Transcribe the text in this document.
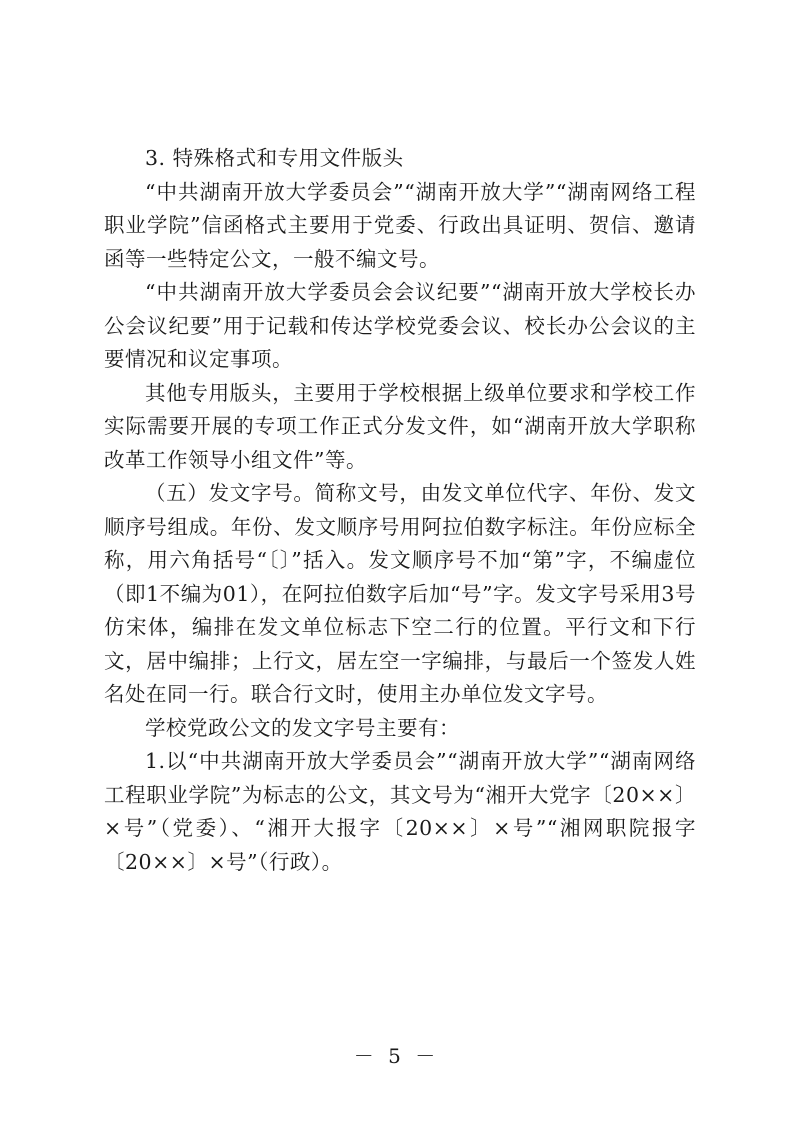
3. 特殊格式和专用文件版头

“中共湖南开放大学委员会”“湖南开放大学”“湖南网络工程职业学院”信函格式主要用于党委、行政出具证明、贺信、邀请函等一些特定公文，一般不编文号。

“中共湖南开放大学委员会会议纪要”“湖南开放大学校长办公会议纪要”用于记载和传达学校党委会议、校长办公会议的主要情况和议定事项。

其他专用版头，主要用于学校根据上级单位要求和学校工作实际需要开展的专项工作正式分发文件，如“湖南开放大学职称改革工作领导小组文件”等。

（五）发文字号。简称文号，由发文单位代字、年份、发文顺序号组成。年份、发文顺序号用阿拉伯数字标注。年份应标全称，用六角括号“〔〕”括入。发文顺序号不加“第”字，不编虚位（即1不编为01），在阿拉伯数字后加“号”字。发文字号采用3号仿宋体，编排在发文单位标志下空二行的位置。平行文和下行文，居中编排；上行文，居左空一字编排，与最后一个签发人姓名处在同一行。联合行文时，使用主办单位发文字号。

学校党政公文的发文字号主要有：

1.以“中共湖南开放大学委员会”“湖南开放大学”“湖南网络工程职业学院”为标志的公文，其文号为“湘开大党字〔20××〕×号”（党委）、“湘开大报字〔20××〕×号”“湘网职院报字〔20××〕×号”（行政）。

－ 5 －
